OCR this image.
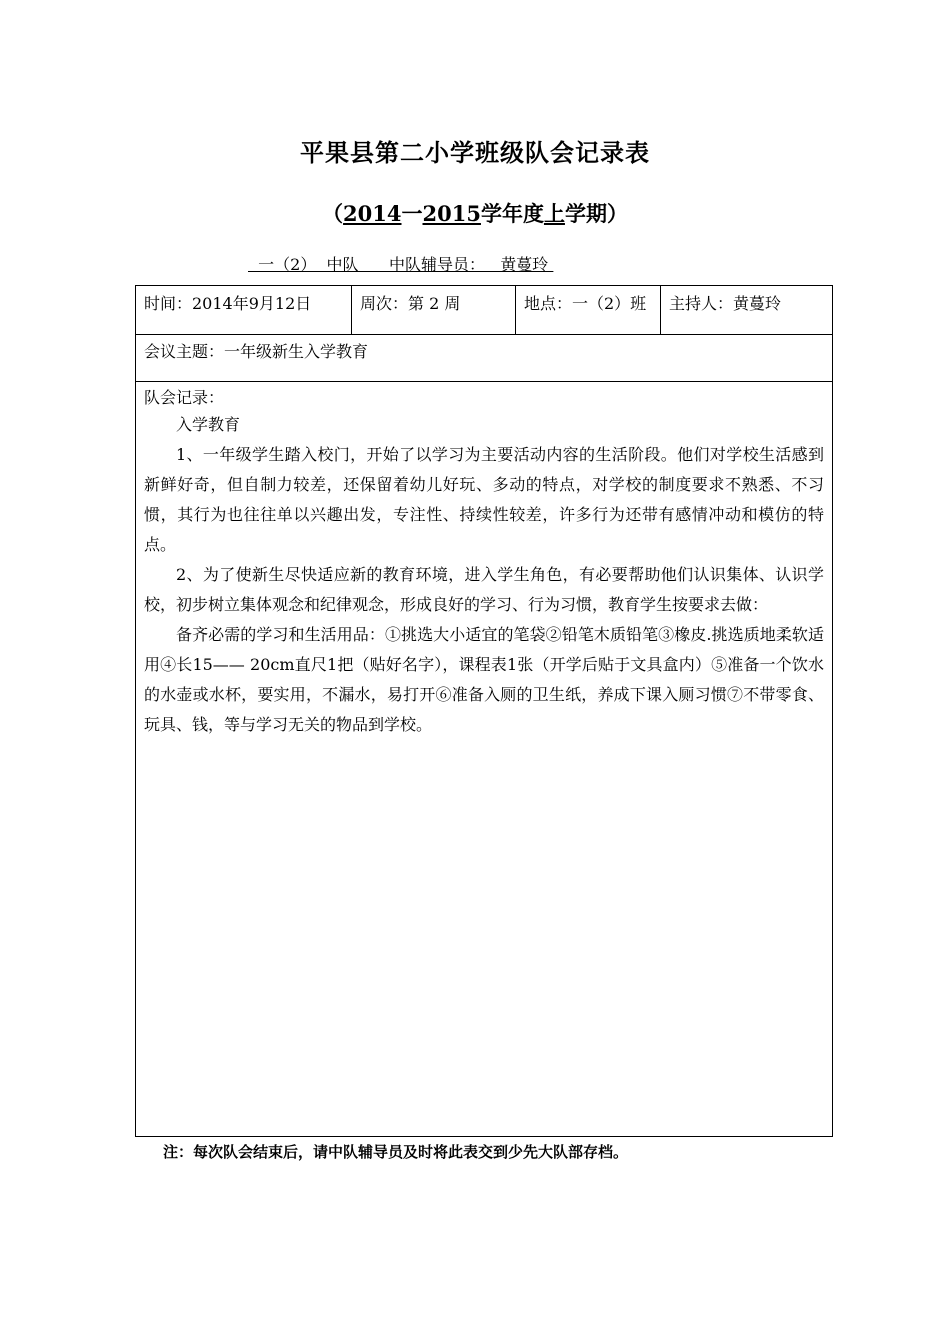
平果县第二小学班级队会记录表
（2014一2015学年度上学期）
一（2）  中队      中队辅导员：   黄蔓玲
时间：2014年9月12日	周次：第 2 周	地点：一（2）班	主持人：黄蔓玲
会议主题：一年级新生入学教育
队会记录：

入学教育

1、一年级学生踏入校门，开始了以学习为主要活动内容的生活阶段。他们对学校生活感到新鲜好奇，但自制力较差，还保留着幼儿好玩、多动的特点，对学校的制度要求不熟悉、不习惯，其行为也往往单以兴趣出发，专注性、持续性较差，许多行为还带有感情冲动和模仿的特点。

2、为了使新生尽快适应新的教育环境，进入学生角色，有必要帮助他们认识集体、认识学校，初步树立集体观念和纪律观念，形成良好的学习、行为习惯，教育学生按要求去做：

备齐必需的学习和生活用品：①挑选大小适宜的笔袋②铅笔木质铅笔③橡皮.挑选质地柔软适用④长15—— 20cm直尺1把（贴好名字），课程表1张（开学后贴于文具盒内）⑤准备一个饮水的水壶或水杯，要实用，不漏水，易打开⑥准备入厕的卫生纸，养成下课入厕习惯⑦不带零食、玩具、钱，等与学习无关的物品到学校。

注：每次队会结束后，请中队辅导员及时将此表交到少先大队部存档。
